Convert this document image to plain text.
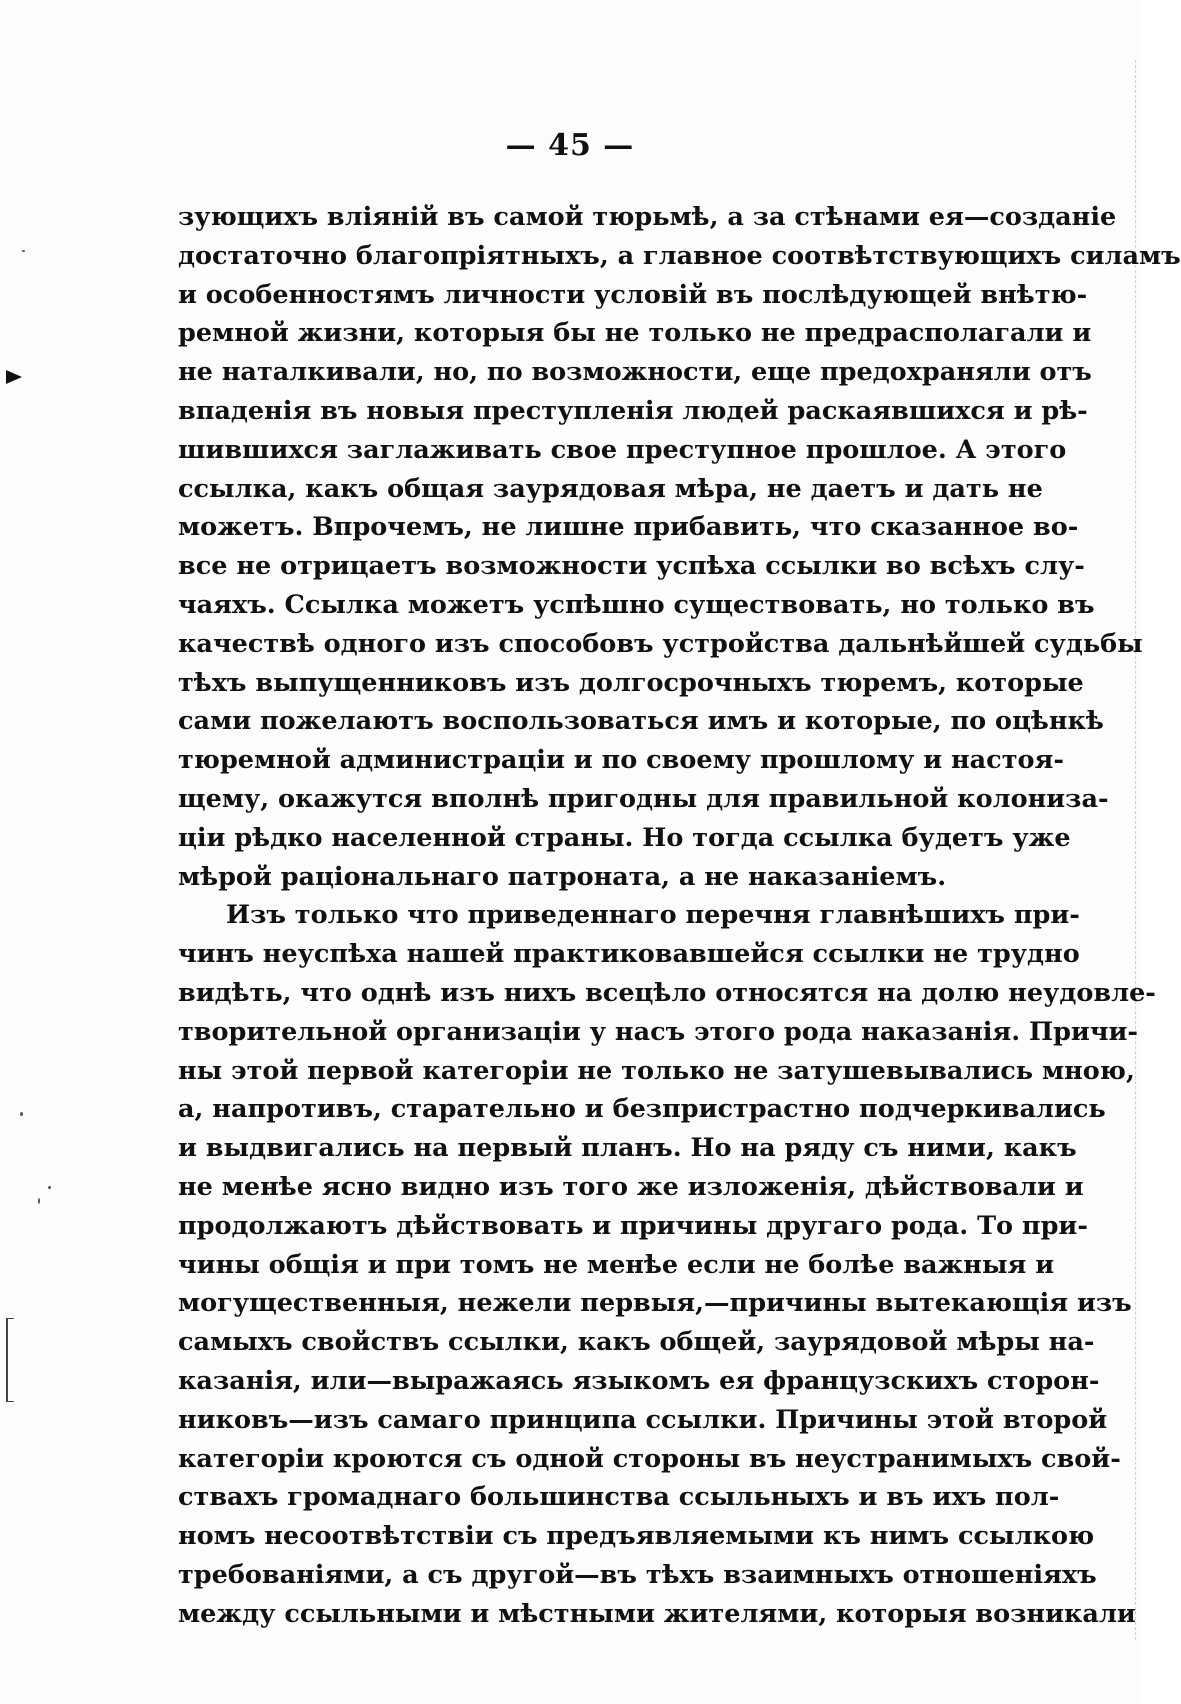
— 45 —
зующихъ вліяній въ самой тюрьмѣ, а за стѣнами ея—созданіе
достаточно благопріятныхъ, а главное соотвѣтствующихъ силамъ
и особенностямъ личности условій въ послѣдующей внѣтю-
ремной жизни, которыя бы не только не предрасполагали и
не наталкивали, но, по возможности, еще предохраняли отъ
впаденія въ новыя преступленія людей раскаявшихся и рѣ-
шившихся заглаживать свое преступное прошлое. А этого
ссылка, какъ общая заурядовая мѣра, не даетъ и дать не
можетъ. Впрочемъ, не лишне прибавить, что сказанное во-
все не отрицаетъ возможности успѣха ссылки во всѣхъ слу-
чаяхъ. Ссылка можетъ успѣшно существовать, но только въ
качествѣ одного изъ способовъ устройства дальнѣйшей судьбы
тѣхъ выпущенниковъ изъ долгосрочныхъ тюремъ, которые
сами пожелаютъ воспользоваться имъ и которые, по оцѣнкѣ
тюремной администраціи и по своему прошлому и настоя-
щему, окажутся вполнѣ пригодны для правильной колониза-
ціи рѣдко населенной страны. Но тогда ссылка будетъ уже
мѣрой раціональнаго патроната, а не наказаніемъ.
Изъ только что приведеннаго перечня главнѣшихъ при-
чинъ неуспѣха нашей практиковавшейся ссылки не трудно
видѣть, что однѣ изъ нихъ всецѣло относятся на долю неудовле-
творительной организаціи у насъ этого рода наказанія. Причи-
ны этой первой категоріи не только не затушевывались мною,
а, напротивъ, старательно и безпристрастно подчеркивались
и выдвигались на первый планъ. Но на ряду съ ними, какъ
не менѣе ясно видно изъ того же изложенія, дѣйствовали и
продолжаютъ дѣйствовать и причины другаго рода. То при-
чины общія и при томъ не менѣе если не болѣе важныя и
могущественныя, нежели первыя,—причины вытекающія изъ
самыхъ свойствъ ссылки, какъ общей, заурядовой мѣры на-
казанія, или—выражаясь языкомъ ея французскихъ сторон-
никовъ—изъ самаго принципа ссылки. Причины этой второй
категоріи кроются съ одной стороны въ неустранимыхъ свой-
ствахъ громаднаго большинства ссыльныхъ и въ ихъ пол-
номъ несоотвѣтствіи съ предъявляемыми къ нимъ ссылкою
требованіями, а съ другой—въ тѣхъ взаимныхъ отношеніяхъ
между ссыльными и мѣстными жителями, которыя возникали
